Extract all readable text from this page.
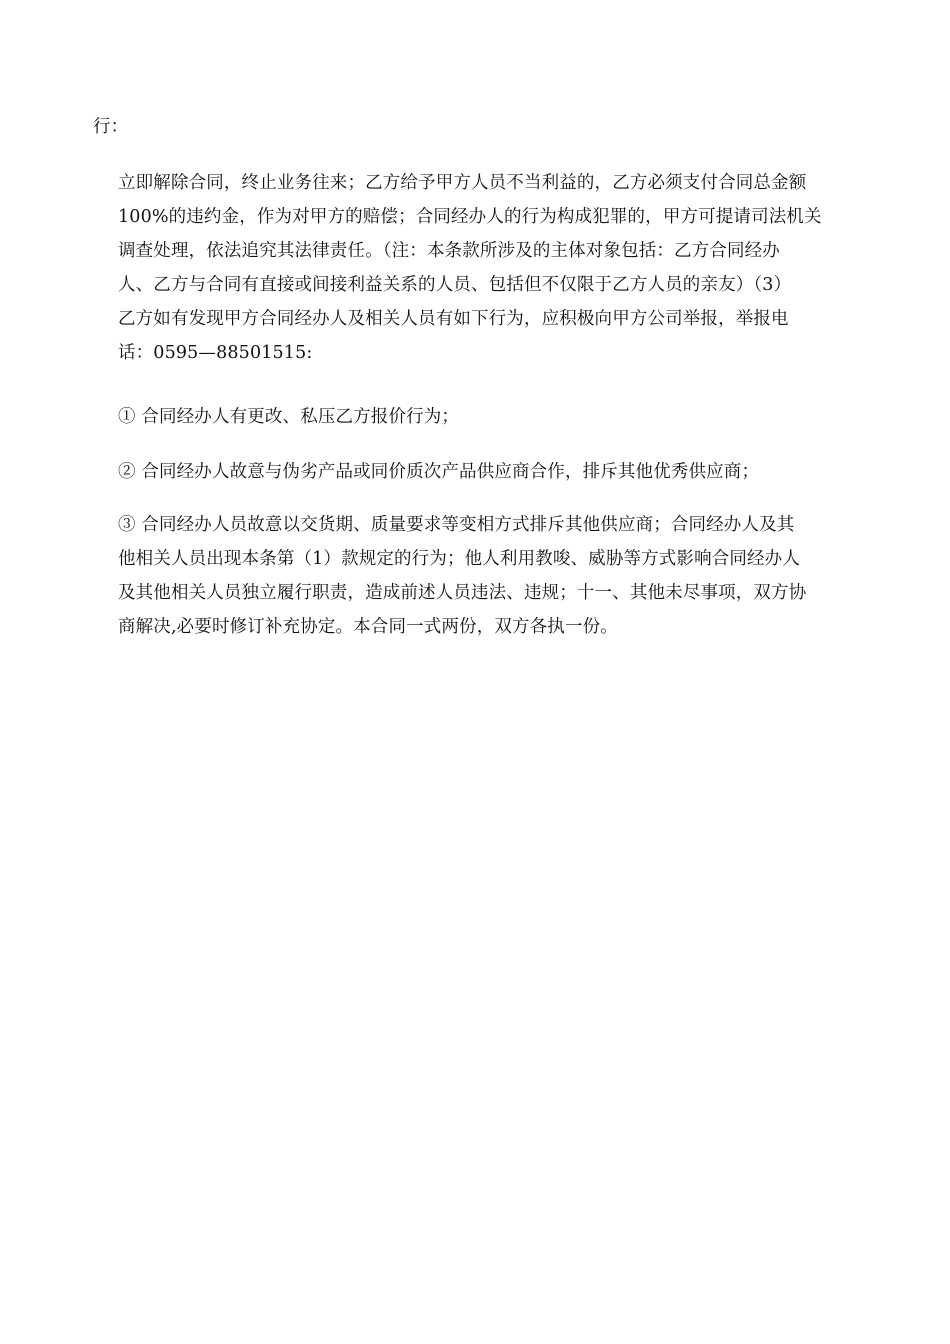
行：
立即解除合同，终止业务往来；乙方给予甲方人员不当利益的，乙方必须支付合同总金额
100%的违约金，作为对甲方的赔偿；合同经办人的行为构成犯罪的，甲方可提请司法机关
调查处理，依法追究其法律责任。（注：本条款所涉及的主体对象包括：乙方合同经办
人、乙方与合同有直接或间接利益关系的人员、包括但不仅限于乙方人员的亲友）（3）
乙方如有发现甲方合同经办人及相关人员有如下行为，应积极向甲方公司举报，举报电
话：0595—88501515:
① 合同经办人有更改、私压乙方报价行为；
② 合同经办人故意与伪劣产品或同价质次产品供应商合作，排斥其他优秀供应商；
③ 合同经办人员故意以交货期、质量要求等变相方式排斥其他供应商；合同经办人及其
他相关人员出现本条第（1）款规定的行为；他人利用教唆、威胁等方式影响合同经办人
及其他相关人员独立履行职责，造成前述人员违法、违规；十一、其他未尽事项，双方协
商解决,必要时修订补充协定。本合同一式两份，双方各执一份。
